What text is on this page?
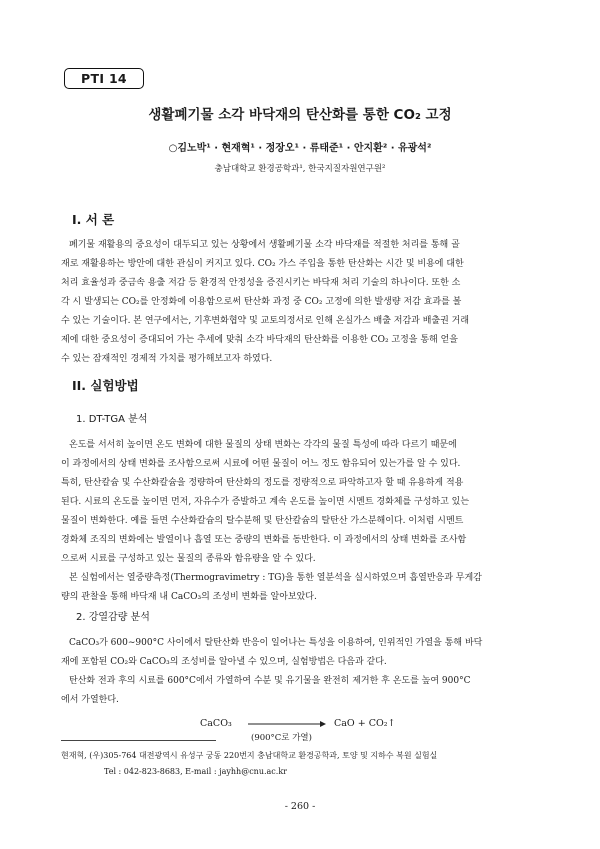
PTI 14
생활폐기물 소각 바닥재의 탄산화를 통한 CO₂ 고정
○김노박¹ · 현재혁¹ · 정장오¹ · 류태준¹ · 안지환² · 유광석²
충남대학교 환경공학과¹, 한국지질자원연구원²
I. 서 론

폐기물 재활용의 중요성이 대두되고 있는 상황에서 생활폐기물 소각 바닥재를 적절한 처리를 통해 골

재로 재활용하는 방안에 대한 관심이 커지고 있다. CO₂ 가스 주입을 통한 탄산화는 시간 및 비용에 대한
처리 효율성과 중금속 용출 저감 등 환경적 안정성을 증진시키는 바닥재 처리 기술의 하나이다. 또한 소
각 시 발생되는 CO₂를 안정화에 이용함으로써 탄산화 과정 중 CO₂ 고정에 의한 발생량 저감 효과를 볼
수 있는 기술이다. 본 연구에서는, 기후변화협약 및 교토의정서로 인해 온실가스 배출 저감과 배출권 거래
제에 대한 중요성이 증대되어 가는 추세에 맞춰 소각 바닥재의 탄산화를 이용한 CO₂ 고정을 통해 얻을
수 있는 잠재적인 경제적 가치를 평가해보고자 하였다.
II. 실험방법
1. DT-TGA 분석

온도를 서서히 높이면 온도 변화에 대한 물질의 상태 변화는 각각의 물질 특성에 따라 다르기 때문에

이 과정에서의 상태 변화를 조사함으로써 시료에 어떤 물질이 어느 정도 함유되어 있는가를 알 수 있다.
특히, 탄산칼슘 및 수산화칼슘을 정량하여 탄산화의 정도를 정량적으로 파악하고자 할 때 유용하게 적용
된다. 시료의 온도를 높이면 먼저, 자유수가 증발하고 계속 온도를 높이면 시멘트 경화체를 구성하고 있는
물질이 변화한다. 예를 들면 수산화칼슘의 탈수분해 및 탄산칼슘의 탈탄산 가스분해이다. 이처럼 시멘트
경화체 조직의 변화에는 발열이나 흡열 또는 중량의 변화를 동반한다. 이 과정에서의 상태 변화를 조사함
으로써 시료를 구성하고 있는 물질의 종류와 함유량을 알 수 있다.

본 실험에서는 열중량측정(Thermogravimetry : TG)을 통한 열분석을 실시하였으며 흡열반응과 무게감

량의 관찰을 통해 바닥재 내 CaCO₃의 조성비 변화를 알아보았다.
2. 강열감량 분석

CaCO₃가 600∼900°C 사이에서 탈탄산화 반응이 일어나는 특성을 이용하여, 인위적인 가열을 통해 바닥

재에 포함된 CO₂와 CaCO₃의 조성비를 알아낼 수 있으며, 실험방법은 다음과 같다.

탄산화 전과 후의 시료를 600°C에서 가열하여 수분 및 유기물을 완전히 제거한 후 온도를 높여 900°C

에서 가열한다.
CaCO₃
(900°C로 가열)
CaO + CO₂↑
현재혁, (우)305-764 대전광역시 유성구 궁동 220번지 충남대학교 환경공학과, 토양 및 지하수 복원 실험실
Tel : 042-823-8683, E-mail : jayhh@cnu.ac.kr
- 260 -
